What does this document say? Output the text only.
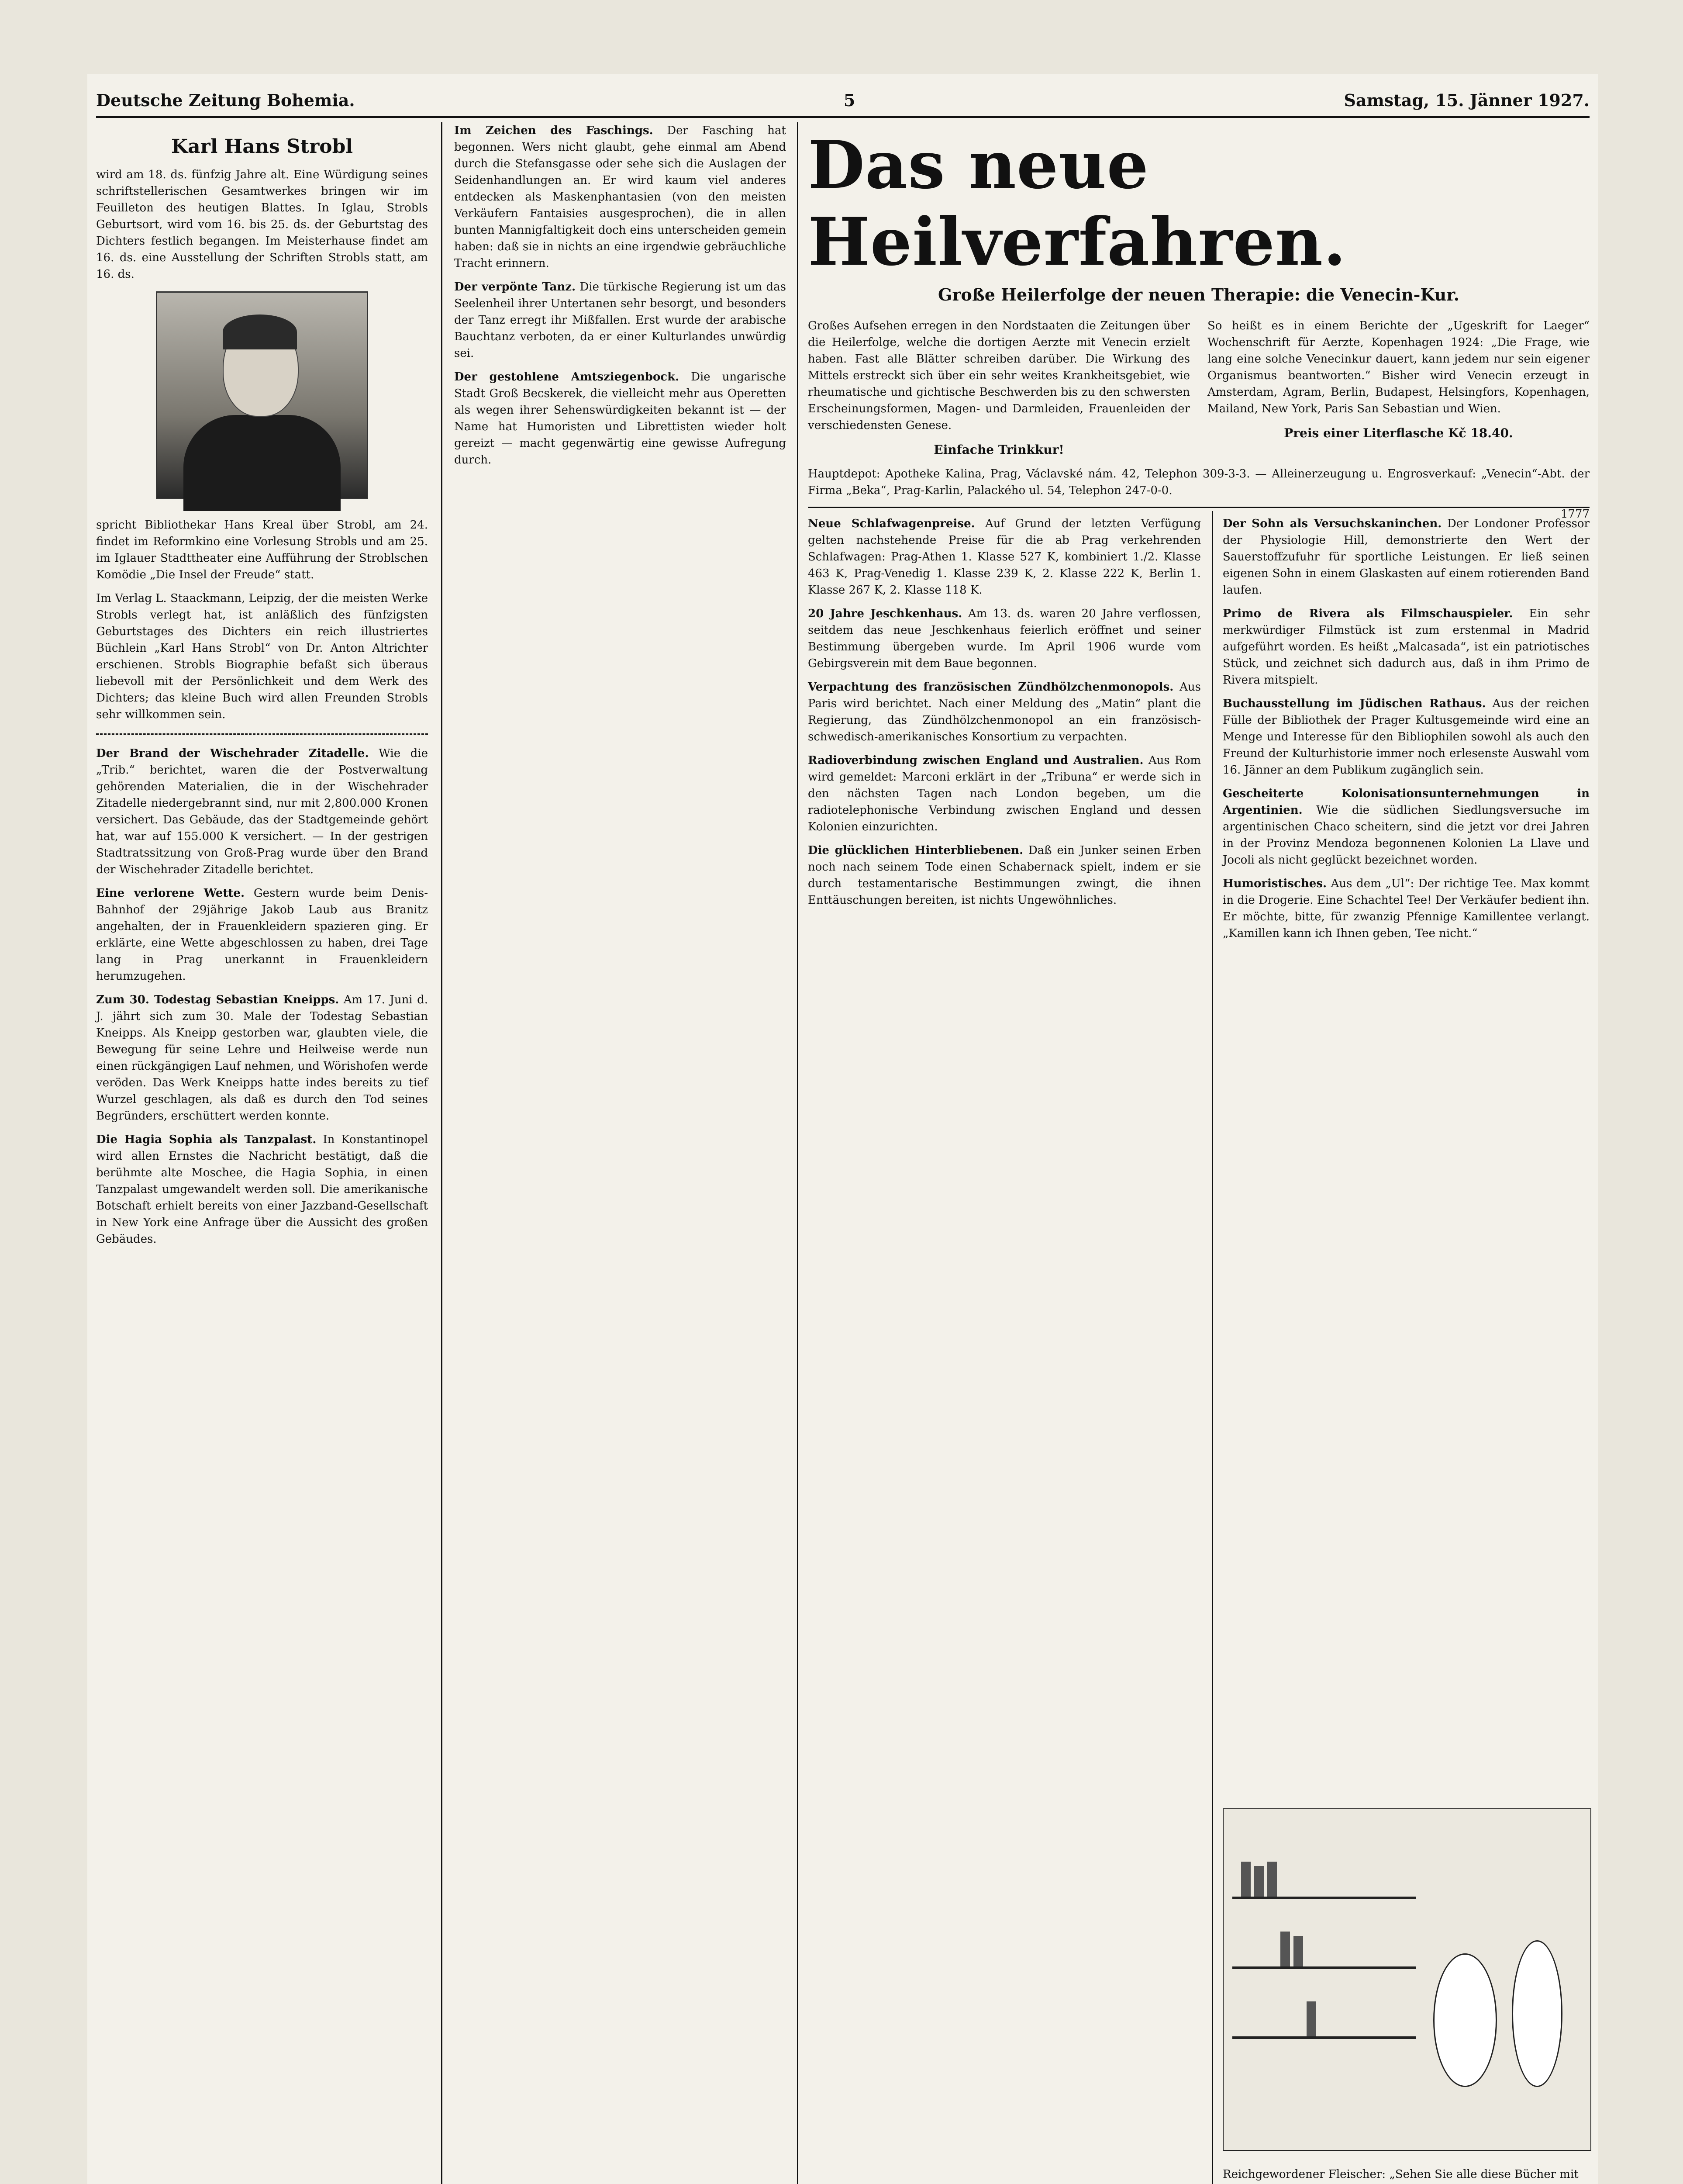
Deutsche Zeitung Bohemia.	5	Samstag, 15. Jänner 1927.
Karl Hans Strobl

wird am 18. ds. fünfzig Jahre alt. Eine Würdigung seines schriftstellerischen Gesamtwerkes bringen wir im Feuilleton des heutigen Blattes. In Iglau, Strobls Geburtsort, wird vom 16. bis 25. ds. der Geburtstag des Dichters festlich begangen. Im Meisterhause findet am 16. ds. eine Ausstellung der Schriften Strobls statt, am 16. ds.

spricht Bibliothekar Hans Kreal über Strobl, am 24. findet im Reformkino eine Vorlesung Strobls und am 25. im Iglauer Stadttheater eine Aufführung der Stroblschen Komödie „Die Insel der Freude“ statt.

Im Verlag L. Staackmann, Leipzig, der die meisten Werke Strobls verlegt hat, ist anläßlich des fünfzigsten Geburtstages des Dichters ein reich illustriertes Büchlein „Karl Hans Strobl“ von Dr. Anton Altrichter erschienen. Strobls Biographie befaßt sich überaus liebevoll mit der Persönlichkeit und dem Werk des Dichters; das kleine Buch wird allen Freunden Strobls sehr willkommen sein.

Der Brand der Wischehrader Zitadelle. Wie die „Trib.“ berichtet, waren die der Postverwaltung gehörenden Materialien, die in der Wischehrader Zitadelle niedergebrannt sind, nur mit 2,800.000 Kronen versichert. Das Gebäude, das der Stadtgemeinde gehört hat, war auf 155.000 K versichert. — In der gestrigen Stadtratssitzung von Groß-Prag wurde über den Brand der Wischehrader Zitadelle berichtet.

Eine verlorene Wette. Gestern wurde beim Denis-Bahnhof der 29jährige Jakob Laub aus Branitz angehalten, der in Frauenkleidern spazieren ging. Er erklärte, eine Wette abgeschlossen zu haben, drei Tage lang in Prag unerkannt in Frauenkleidern herumzugehen.

Zum 30. Todestag Sebastian Kneipps. Am 17. Juni d. J. jährt sich zum 30. Male der Todestag Sebastian Kneipps. Als Kneipp gestorben war, glaubten viele, die Bewegung für seine Lehre und Heilweise werde nun einen rückgängigen Lauf nehmen, und Wörishofen werde veröden. Das Werk Kneipps hatte indes bereits zu tief Wurzel geschlagen, als daß es durch den Tod seines Begründers, erschüttert werden konnte.

Die Hagia Sophia als Tanzpalast. In Konstantinopel wird allen Ernstes die Nachricht bestätigt, daß die berühmte alte Moschee, die Hagia Sophia, in einen Tanzpalast umgewandelt werden soll. Die amerikanische Botschaft erhielt bereits von einer Jazzband-Gesellschaft in New York eine Anfrage über die Aussicht des großen Gebäudes.

Im Zeichen des Faschings. Der Fasching hat begonnen. Wers nicht glaubt, gehe einmal am Abend durch die Stefansgasse oder sehe sich die Auslagen der Seidenhandlungen an. Er wird kaum viel anderes entdecken als Maskenphantasien (von den meisten Verkäufern Fantaisies ausgesprochen), die in allen bunten Mannigfaltigkeit doch eins unterscheiden gemein haben: daß sie in nichts an eine irgendwie gebräuchliche Tracht erinnern.

Der verpönte Tanz. Die türkische Regierung ist um das Seelenheil ihrer Untertanen sehr besorgt, und besonders der Tanz erregt ihr Mißfallen. Erst wurde der arabische Bauchtanz verboten, da er einer Kulturlandes unwürdig sei.

Der gestohlene Amtsziegenbock. Die ungarische Stadt Groß Becskerek, die vielleicht mehr aus Operetten als wegen ihrer Sehenswürdigkeiten bekannt ist — der Name hat Humoristen und Librettisten wieder holt gereizt — macht gegenwärtig eine gewisse Aufregung durch.

Das neue Heilverfahren.
Große Heilerfolge der neuen Therapie: die Venecin-Kur.

Großes Aufsehen erregen in den Nordstaaten die Zeitungen über die Heilerfolge, welche die dortigen Aerzte mit Venecin erzielt haben. Fast alle Blätter schreiben darüber. Die Wirkung des Mittels erstreckt sich über ein sehr weites Krankheitsgebiet, wie rheumatische und gichtische Beschwerden bis zu den schwersten Erscheinungsformen, Magen- und Darmleiden, Frauenleiden der verschiedensten Genese.

Einfache Trinkkur!

So heißt es in einem Berichte der „Ugeskrift for Laeger“ Wochenschrift für Aerzte, Kopenhagen 1924: „Die Frage, wie lang eine solche Venecinkur dauert, kann jedem nur sein eigener Organismus beantworten.“ Bisher wird Venecin erzeugt in Amsterdam, Agram, Berlin, Budapest, Helsingfors, Kopenhagen, Mailand, New York, Paris San Sebastian und Wien.

Preis einer Literflasche Kč 18.40.

Hauptdepot: Apotheke Kalina, Prag, Václavské nám. 42, Telephon 309-3-3. — Alleinerzeugung u. Engrosverkauf: „Venecin“-Abt. der Firma „Beka“, Prag-Karlin, Palackého ul. 54, Telephon 247-0-0.

1777

Neue Schlafwagenpreise. Auf Grund der letzten Verfügung gelten nachstehende Preise für die ab Prag verkehrenden Schlafwagen: Prag-Athen 1. Klasse 527 K, kombiniert 1./2. Klasse 463 K, Prag-Venedig 1. Klasse 239 K, 2. Klasse 222 K, Berlin 1. Klasse 267 K, 2. Klasse 118 K.

20 Jahre Jeschkenhaus. Am 13. ds. waren 20 Jahre verflossen, seitdem das neue Jeschkenhaus feierlich eröffnet und seiner Bestimmung übergeben wurde. Im April 1906 wurde vom Gebirgsverein mit dem Baue begonnen.

Verpachtung des französischen Zündhölzchenmonopols. Aus Paris wird berichtet. Nach einer Meldung des „Matin“ plant die Regierung, das Zündhölzchenmonopol an ein französisch-schwedisch-amerikanisches Konsortium zu verpachten.

Radioverbindung zwischen England und Australien. Aus Rom wird gemeldet: Marconi erklärt in der „Tribuna“ er werde sich in den nächsten Tagen nach London begeben, um die radiotelephonische Verbindung zwischen England und dessen Kolonien einzurichten.

Die glücklichen Hinterbliebenen. Daß ein Junker seinen Erben noch nach seinem Tode einen Schabernack spielt, indem er sie durch testamentarische Bestimmungen zwingt, die ihnen Enttäuschungen bereiten, ist nichts Ungewöhnliches.

Der Sohn als Versuchskaninchen. Der Londoner Professor der Physiologie Hill, demonstrierte den Wert der Sauerstoffzufuhr für sportliche Leistungen. Er ließ seinen eigenen Sohn in einem Glaskasten auf einem rotierenden Band laufen.

Primo de Rivera als Filmschauspieler. Ein sehr merkwürdiger Filmstück ist zum erstenmal in Madrid aufgeführt worden. Es heißt „Malcasada“, ist ein patriotisches Stück, und zeichnet sich dadurch aus, daß in ihm Primo de Rivera mitspielt.

Buchausstellung im Jüdischen Rathaus. Aus der reichen Fülle der Bibliothek der Prager Kultusgemeinde wird eine an Menge und Interesse für den Bibliophilen sowohl als auch den Freund der Kulturhistorie immer noch erlesenste Auswahl vom 16. Jänner an dem Publikum zugänglich sein.

Gescheiterte Kolonisationsunternehmungen in Argentinien. Wie die südlichen Siedlungsversuche im argentinischen Chaco scheitern, sind die jetzt vor drei Jahren in der Provinz Mendoza begonnenen Kolonien La Llave und Jocoli als nicht geglückt bezeichnet worden.

Humoristisches. Aus dem „Ul“: Der richtige Tee. Max kommt in die Drogerie. Eine Schachtel Tee! Der Verkäufer bedient ihn. Er möchte, bitte, für zwanzig Pfennige Kamillentee verlangt. „Kamillen kann ich Ihnen geben, Tee nicht.“

Reichgewordener Fleischer: „Sehen Sie alle diese Bücher mit
